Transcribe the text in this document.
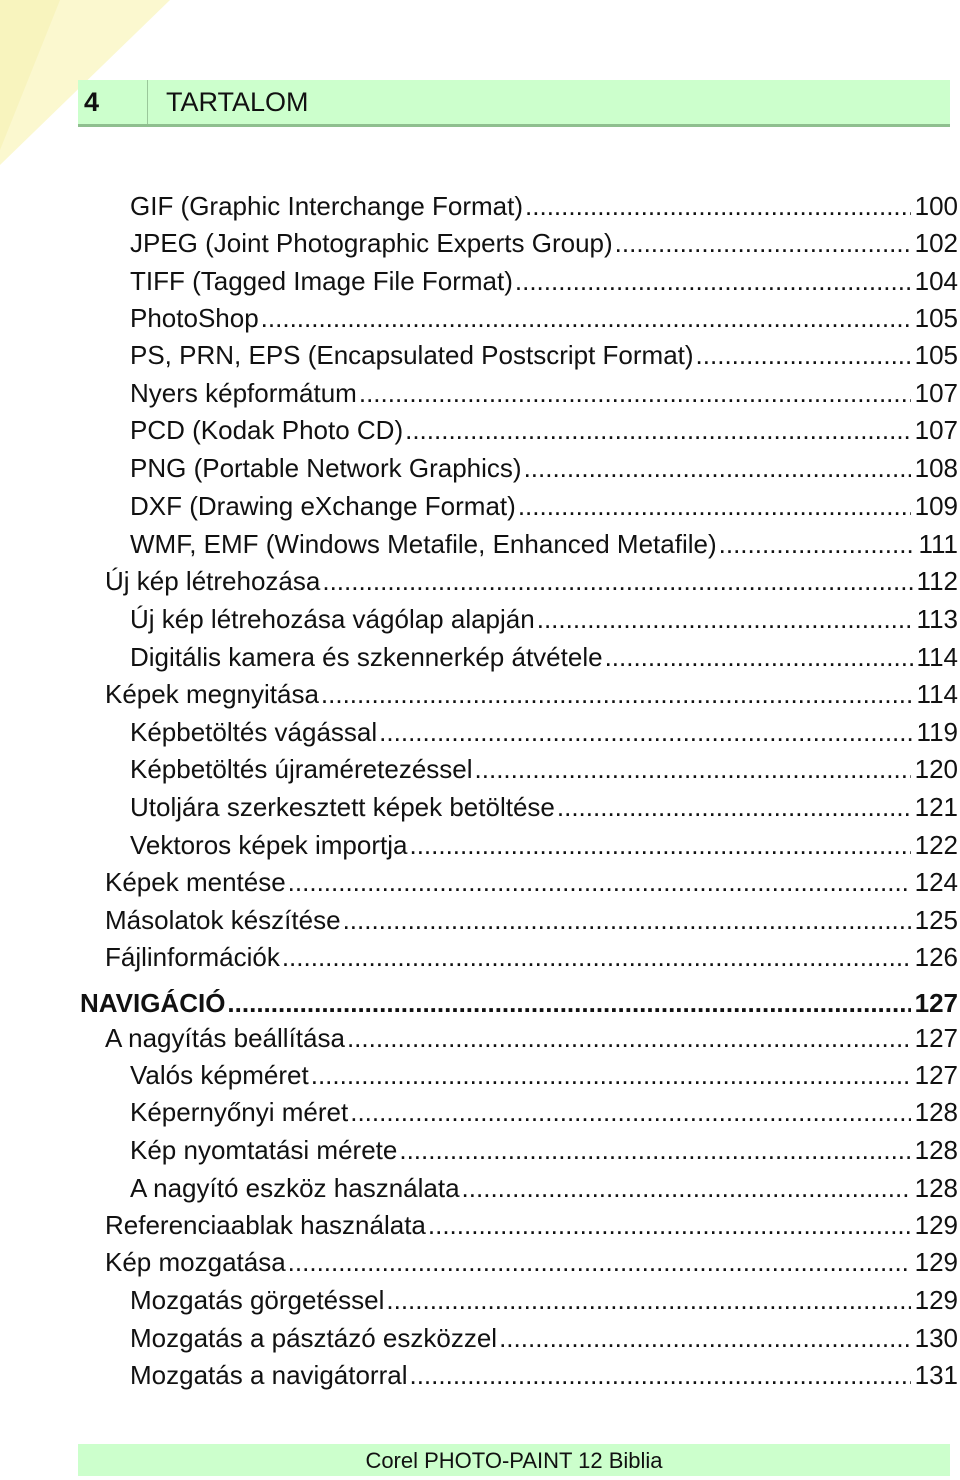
4	TARTALOM
GIF (Graphic Interchange Format) .....	100
JPEG (Joint Photographic Experts Group) .....	102
TIFF (Tagged Image File Format) .....	104
PhotoShop .....	105
PS, PRN, EPS (Encapsulated Postscript Format) .....	105
Nyers képformátum .....	107
PCD (Kodak Photo CD) .....	107
PNG (Portable Network Graphics) .....	108
DXF (Drawing eXchange Format) .....	109
WMF, EMF (Windows Metafile, Enhanced Metafile) .....	111
Új kép létrehozása .....	112
Új kép létrehozása vágólap alapján .....	113
Digitális kamera és szkennerkép átvétele .....	114
Képek megnyitása .....	114
Képbetöltés vágással .....	119
Képbetöltés újraméretezéssel .....	120
Utoljára szerkesztett képek betöltése .....	121
Vektoros képek importja .....	122
Képek mentése .....	124
Másolatok készítése .....	125
Fájlinformációk .....	126
NAVIGÁCIÓ .....	127
A nagyítás beállítása .....	127
Valós képméret .....	127
Képernyőnyi méret .....	128
Kép nyomtatási mérete .....	128
A nagyító eszköz használata .....	128
Referenciaablak használata .....	129
Kép mozgatása .....	129
Mozgatás görgetéssel .....	129
Mozgatás a pásztázó eszközzel .....	130
Mozgatás a navigátorral .....	131
Corel PHOTO-PAINT 12 Biblia
